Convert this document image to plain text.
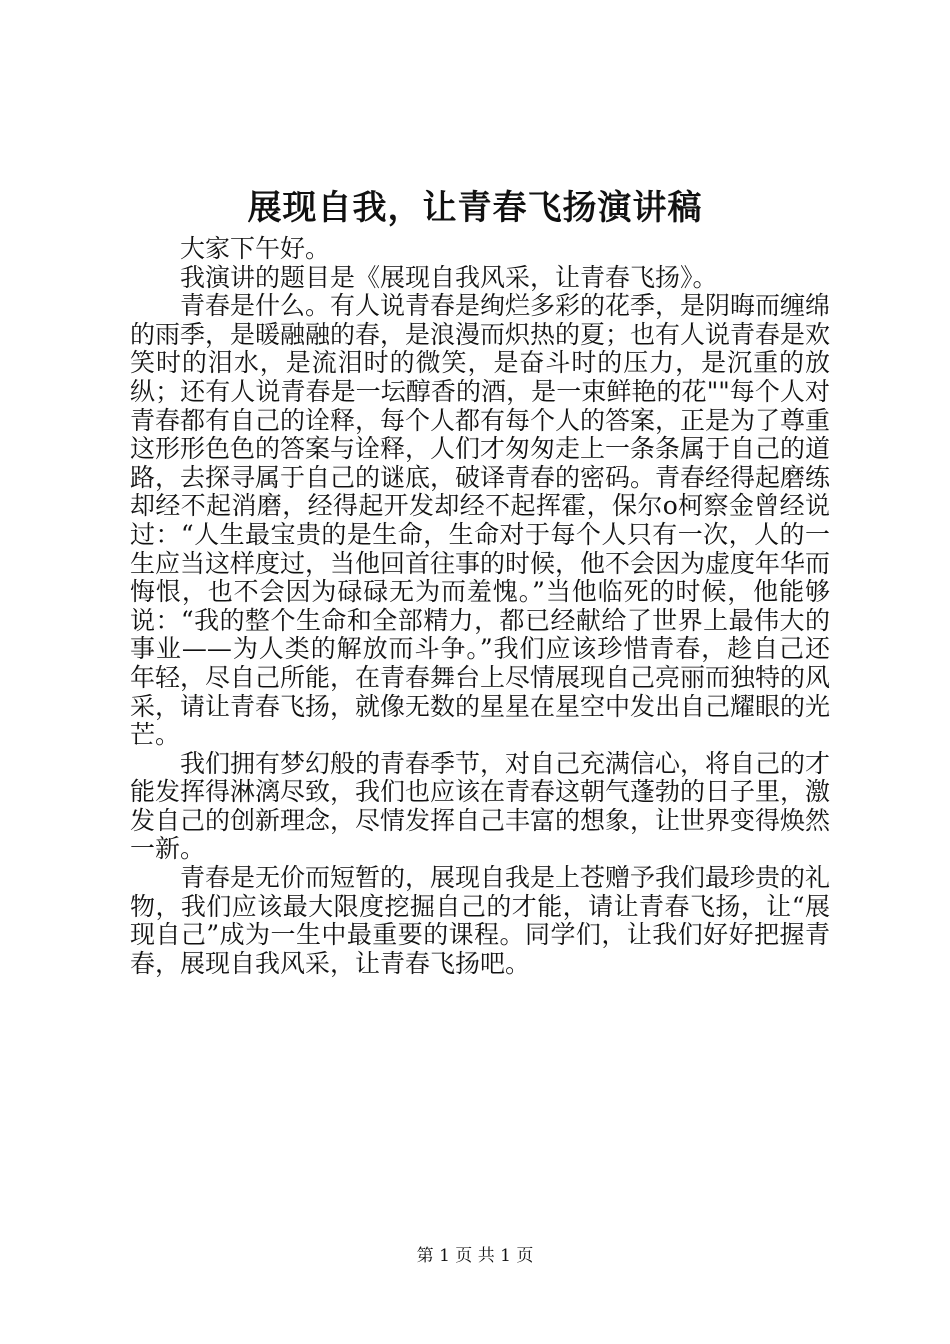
展现自我，让青春飞扬演讲稿

大家下午好。

我演讲的题目是《展现自我风采，让青春飞扬》。

青春是什么。有人说青春是绚烂多彩的花季，是阴晦而缠绵的雨季，是暖融融的春，是浪漫而炽热的夏；也有人说青春是欢笑时的泪水，是流泪时的微笑，是奋斗时的压力，是沉重的放纵；还有人说青春是一坛醇香的酒，是一束鲜艳的花""每个人对青春都有自己的诠释，每个人都有每个人的答案，正是为了尊重这形形色色的答案与诠释，人们才匆匆走上一条条属于自己的道路，去探寻属于自己的谜底，破译青春的密码。青春经得起磨练却经不起消磨，经得起开发却经不起挥霍，保尔o柯察金曾经说过：“人生最宝贵的是生命，生命对于每个人只有一次，人的一生应当这样度过，当他回首往事的时候，他不会因为虚度年华而悔恨，也不会因为碌碌无为而羞愧。”当他临死的时候，他能够说：“我的整个生命和全部精力，都已经献给了世界上最伟大的事业——为人类的解放而斗争。”我们应该珍惜青春，趁自己还年轻，尽自己所能，在青春舞台上尽情展现自己亮丽而独特的风采，请让青春飞扬，就像无数的星星在星空中发出自己耀眼的光芒。

我们拥有梦幻般的青春季节，对自己充满信心，将自己的才能发挥得淋漓尽致，我们也应该在青春这朝气蓬勃的日子里，激发自己的创新理念，尽情发挥自己丰富的想象，让世界变得焕然一新。

青春是无价而短暂的，展现自我是上苍赠予我们最珍贵的礼物，我们应该最大限度挖掘自己的才能，请让青春飞扬，让“展现自己”成为一生中最重要的课程。同学们，让我们好好把握青春，展现自我风采，让青春飞扬吧。

第 1 页 共 1 页
